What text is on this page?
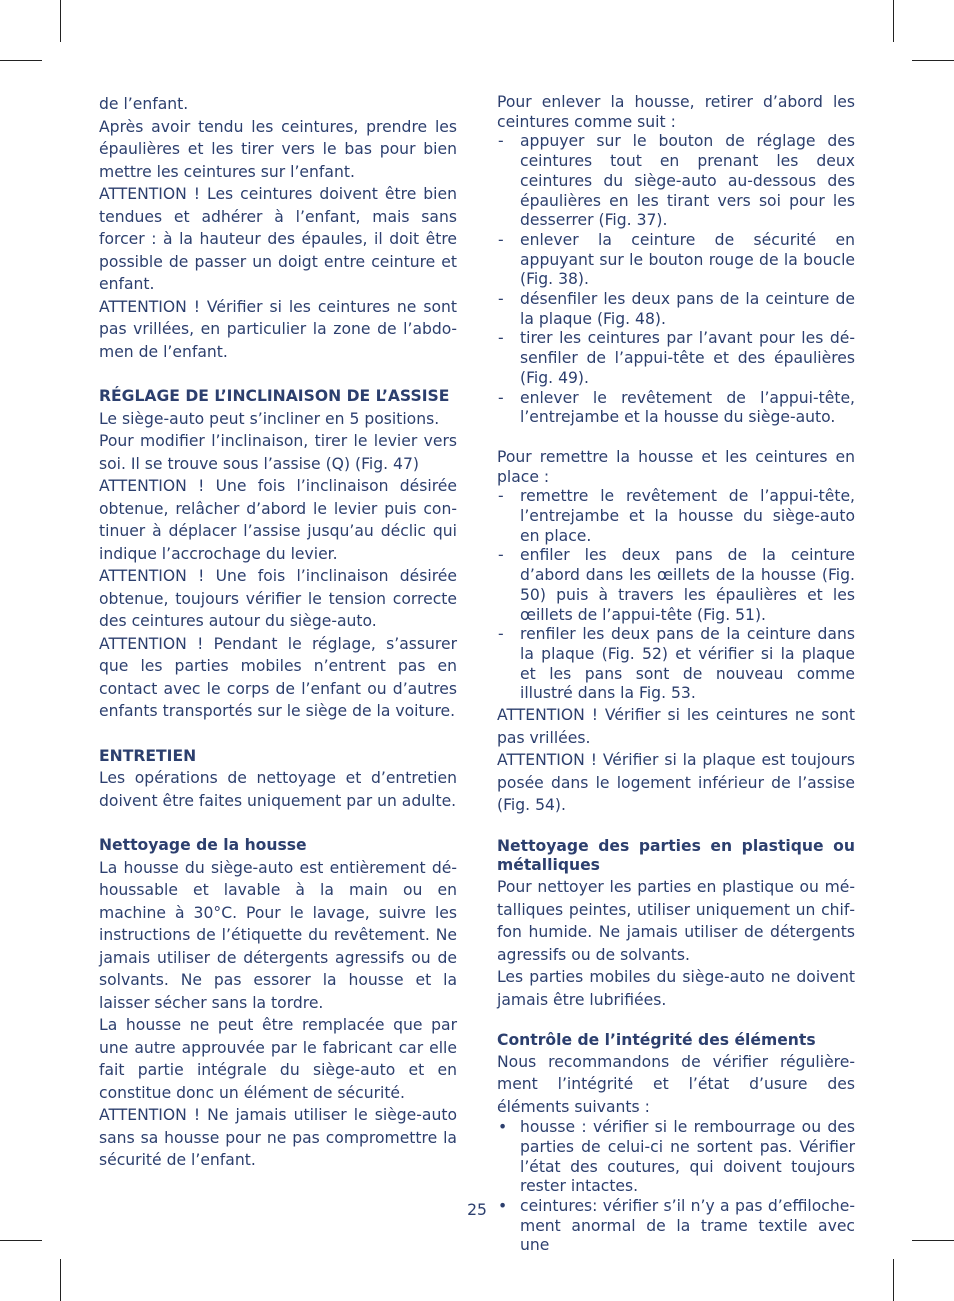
de l’enfant.

Après avoir tendu les ceintures, prendre les épaulières et les tirer vers le bas pour bien mettre les ceintures sur l’enfant.

ATTENTION ! Les ceintures doivent être bien tendues et adhérer à l’enfant, mais sans forcer : à la hauteur des épaules, il doit être possible de passer un doigt entre ceinture et enfant.

ATTENTION ! Vérifier si les ceintures ne sont pas vrillées, en particulier la zone de l’abdomen de l’enfant.

RÉGLAGE DE L’INCLINAISON DE L’ASSISE

Le siège-auto peut s’incliner en 5 positions.

Pour modifier l’inclinaison, tirer le levier vers soi. Il se trouve sous l’assise (Q) (Fig. 47)

ATTENTION ! Une fois l’inclinaison désirée obtenue, relâcher d’abord le levier puis continuer à déplacer l’assise jusqu’au déclic qui indique l’accrochage du levier.

ATTENTION ! Une fois l’inclinaison désirée obtenue, toujours vérifier le tension correcte des ceintures autour du siège-auto.

ATTENTION ! Pendant le réglage, s’assurer que les parties mobiles n’entrent pas en contact avec le corps de l’enfant ou d’autres enfants transportés sur le siège de la voiture.

ENTRETIEN

Les opérations de nettoyage et d’entretien doivent être faites uniquement par un adulte.

Nettoyage de la housse

La housse du siège-auto est entièrement déhoussable et lavable à la main ou en machine à 30°C. Pour le lavage, suivre les instructions de l’étiquette du revêtement. Ne jamais utiliser de détergents agressifs ou de solvants. Ne pas essorer la housse et la laisser sécher sans la tordre.

La housse ne peut être remplacée que par une autre approuvée par le fabricant car elle fait partie intégrale du siège-auto et en constitue donc un élément de sécurité.

ATTENTION ! Ne jamais utiliser le siège-auto sans sa housse pour ne pas compromettre la sécurité de l’enfant.

Pour enlever la housse, retirer d’abord les ceintures comme suit :

- appuyer sur le bouton de réglage des ceintures tout en prenant les deux ceintures du siège-auto au-dessous des épaulières en les tirant vers soi pour les desserrer (Fig. 37).
- enlever la ceinture de sécurité en appuyant sur le bouton rouge de la boucle (Fig. 38).
- désenfiler les deux pans de la ceinture de la plaque (Fig. 48).
- tirer les ceintures par l’avant pour les désenfiler de l’appui-tête et des épaulières (Fig. 49).
- enlever le revêtement de l’appui-tête, l’entrejambe et la housse du siège-auto.

Pour remettre la housse et les ceintures en place :

- remettre le revêtement de l’appui-tête, l’entrejambe et la housse du siège-auto en place.
- enfiler les deux pans de la ceinture d’abord dans les œillets de la housse (Fig. 50) puis à travers les épaulières et les œillets de l’appui-tête (Fig. 51).
- renfiler les deux pans de la ceinture dans la plaque (Fig. 52) et vérifier si la plaque et les pans sont de nouveau comme illustré dans la Fig. 53.

ATTENTION ! Vérifier si les ceintures ne sont pas vrillées.

ATTENTION ! Vérifier si la plaque est toujours posée dans le logement inférieur de l’assise (Fig. 54).

Nettoyage des parties en plastique ou métalliques

Pour nettoyer les parties en plastique ou métalliques peintes, utiliser uniquement un chiffon humide. Ne jamais utiliser de détergents agressifs ou de solvants.

Les parties mobiles du siège-auto ne doivent jamais être lubrifiées.

Contrôle de l’intégrité des éléments

Nous recommandons de vérifier régulièrement l’intégrité et l’état d’usure des éléments suivants :

• housse : vérifier si le rembourrage ou des parties de celui-ci ne sortent pas. Vérifier l’état des coutures, qui doivent toujours rester intactes.
• ceintures: vérifier s’il n’y a pas d’effilochement anormal de la trame textile avec une
25
